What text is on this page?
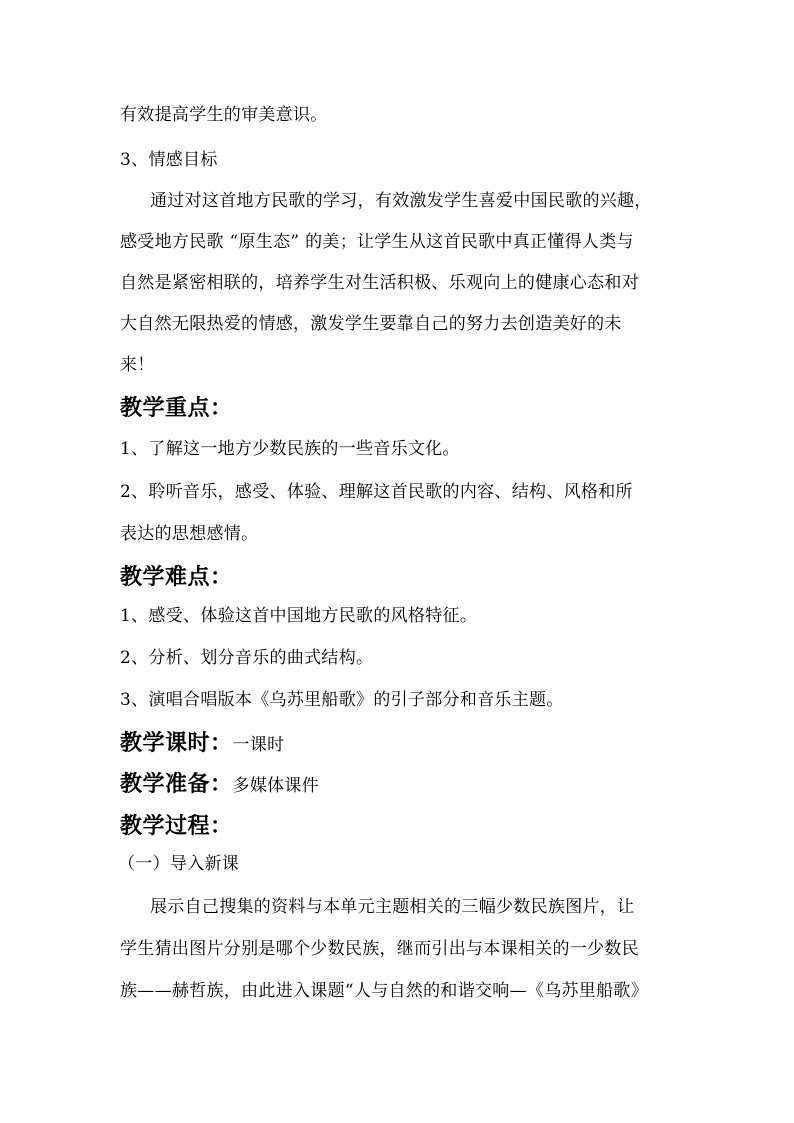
有效提高学生的审美意识。
3、情感目标
通过对这首地方民歌的学习，有效激发学生喜爱中国民歌的兴趣，
感受地方民歌 “原生态” 的美；让学生从这首民歌中真正懂得人类与
自然是紧密相联的，培养学生对生活积极、乐观向上的健康心态和对
大自然无限热爱的情感，激发学生要靠自己的努力去创造美好的未
来！
教学重点：
1、了解这一地方少数民族的一些音乐文化。
2、聆听音乐，感受、体验、理解这首民歌的内容、结构、风格和所
表达的思想感情。
教学难点：
1、感受、体验这首中国地方民歌的风格特征。
2、分析、划分音乐的曲式结构。
3、演唱合唱版本《乌苏里船歌》的引子部分和音乐主题。
教学课时：一课时
教学准备：多媒体课件
教学过程：
（一）导入新课
展示自己搜集的资料与本单元主题相关的三幅少数民族图片，让
学生猜出图片分别是哪个少数民族，继而引出与本课相关的一少数民
族——赫哲族，由此进入课题“人与自然的和谐交响—《乌苏里船歌》
